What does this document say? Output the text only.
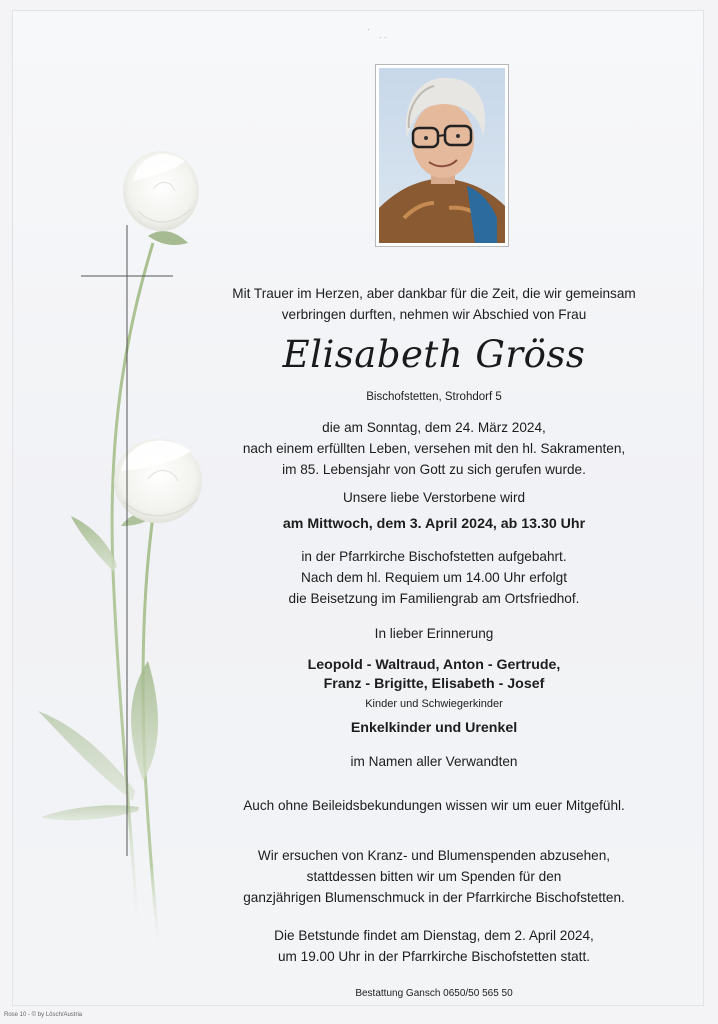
·
· ·
Mit Trauer im Herzen, aber dankbar für die Zeit, die wir gemeinsam
verbringen durften, nehmen wir Abschied von Frau
Elisabeth Gröss
Bischofstetten, Strohdorf 5
die am Sonntag, dem 24. März 2024,
nach einem erfüllten Leben, versehen mit den hl. Sakramenten,
im 85. Lebensjahr von Gott zu sich gerufen wurde.
Unsere liebe Verstorbene wird
am Mittwoch, dem 3. April 2024, ab 13.30 Uhr
in der Pfarrkirche Bischofstetten aufgebahrt.
Nach dem hl. Requiem um 14.00 Uhr erfolgt
die Beisetzung im Familiengrab am Ortsfriedhof.
In lieber Erinnerung
Leopold - Waltraud, Anton - Gertrude,
Franz - Brigitte, Elisabeth - Josef
Kinder und Schwiegerkinder
Enkelkinder und Urenkel
im Namen aller Verwandten
Auch ohne Beileidsbekundungen wissen wir um euer Mitgefühl.
Wir ersuchen von Kranz- und Blumenspenden abzusehen,
stattdessen bitten wir um Spenden für den
ganzjährigen Blumenschmuck in der Pfarrkirche Bischofstetten.
Die Betstunde findet am Dienstag, dem 2. April 2024,
um 19.00 Uhr in der Pfarrkirche Bischofstetten statt.
Bestattung Gansch 0650/50 565 50
Rose 10 - © by Lösch/Austria
